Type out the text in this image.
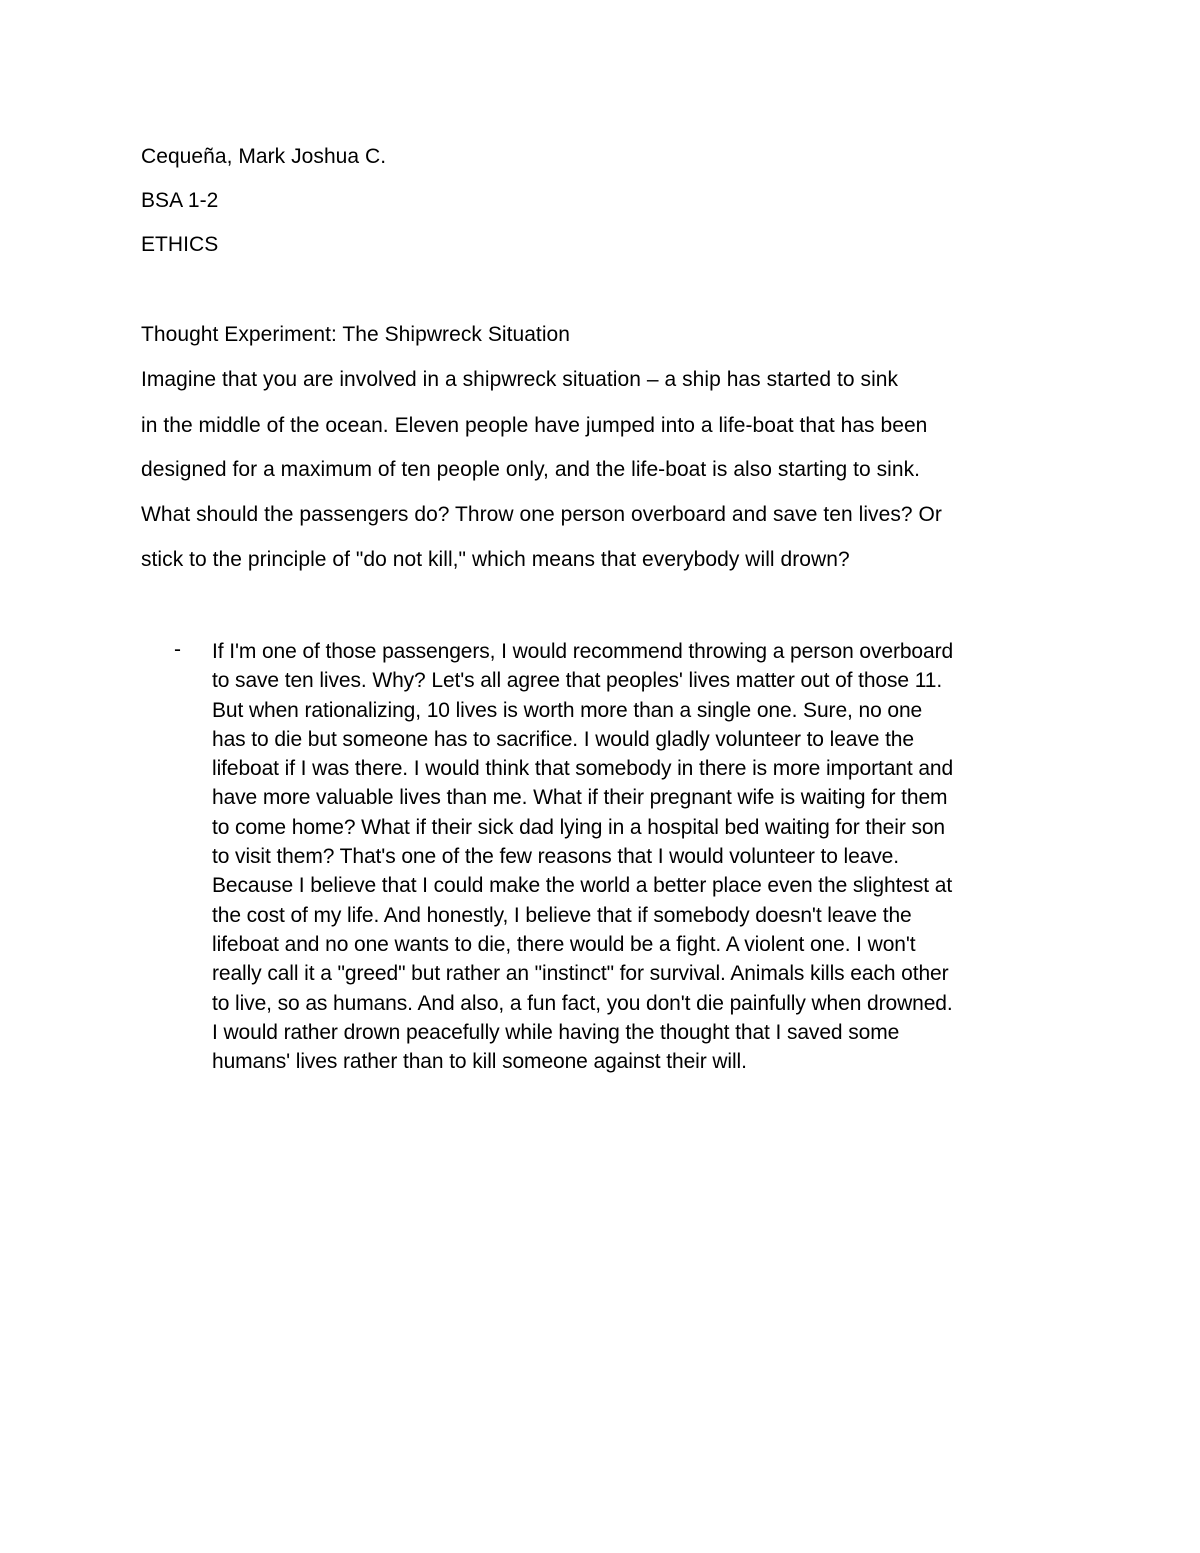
Cequeña, Mark Joshua C.
BSA 1-2
ETHICS
Thought Experiment: The Shipwreck Situation
Imagine that you are involved in a shipwreck situation – a ship has started to sink
in the middle of the ocean. Eleven people have jumped into a life-boat that has been
designed for a maximum of ten people only, and the life-boat is also starting to sink.
What should the passengers do? Throw one person overboard and save ten lives? Or
stick to the principle of "do not kill," which means that everybody will drown?
- If I'm one of those passengers, I would recommend throwing a person overboard
to save ten lives. Why? Let's all agree that peoples' lives matter out of those 11.
But when rationalizing, 10 lives is worth more than a single one. Sure, no one
has to die but someone has to sacrifice. I would gladly volunteer to leave the
lifeboat if I was there. I would think that somebody in there is more important and
have more valuable lives than me. What if their pregnant wife is waiting for them
to come home? What if their sick dad lying in a hospital bed waiting for their son
to visit them? That's one of the few reasons that I would volunteer to leave.
Because I believe that I could make the world a better place even the slightest at
the cost of my life. And honestly, I believe that if somebody doesn't leave the
lifeboat and no one wants to die, there would be a fight. A violent one. I won't
really call it a "greed" but rather an "instinct" for survival. Animals kills each other
to live, so as humans. And also, a fun fact, you don't die painfully when drowned.
I would rather drown peacefully while having the thought that I saved some
humans' lives rather than to kill someone against their will.
